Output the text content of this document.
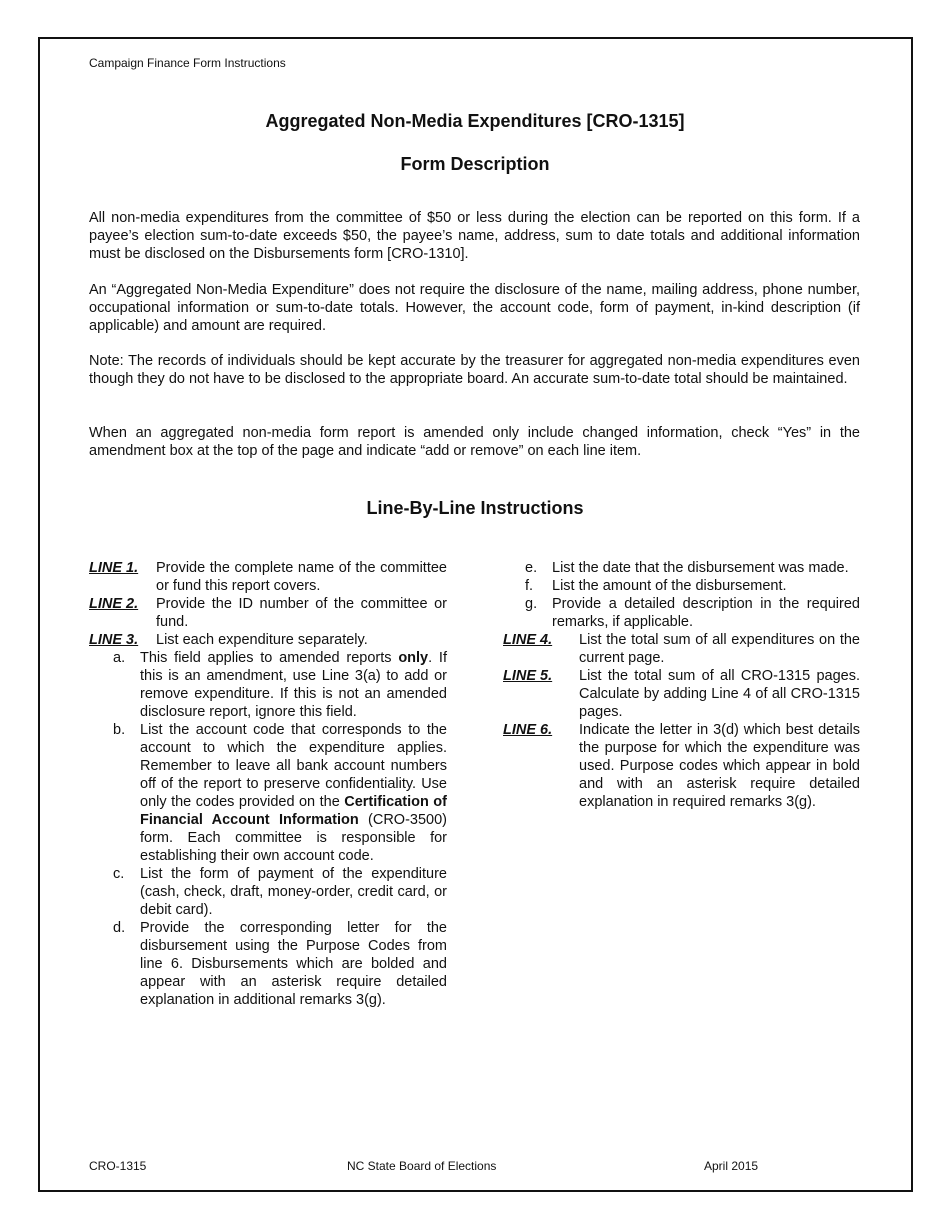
Campaign Finance Form Instructions
Aggregated Non-Media Expenditures [CRO-1315]
Form Description
All non-media expenditures from the committee of $50 or less during the election can be reported on this form. If a payee’s election sum-to-date exceeds $50, the payee’s name, address, sum to date totals and additional information must be disclosed on the Disbursements form [CRO-1310].
An “Aggregated Non-Media Expenditure” does not require the disclosure of the name, mailing address, phone number, occupational information or sum-to-date totals. However, the account code, form of payment, in-kind description (if applicable) and amount are required.
Note: The records of individuals should be kept accurate by the treasurer for aggregated non-media expenditures even though they do not have to be disclosed to the appropriate board. An accurate sum-to-date total should be maintained.
When an aggregated non-media form report is amended only include changed information, check “Yes” in the amendment box at the top of the page and indicate “add or remove” on each line item.
Line-By-Line Instructions
LINE 1.	Provide the complete name of the committee or fund this report covers.
LINE 2.	Provide the ID number of the committee or fund.
LINE 3.	List each expenditure separately.
a.	This field applies to amended reports only. If this is an amendment, use Line 3(a) to add or remove expenditure. If this is not an amended disclosure report, ignore this field.
b.	List the account code that corresponds to the account to which the expenditure applies. Remember to leave all bank account numbers off of the report to preserve confidentiality. Use only the codes provided on the Certification of Financial Account Information (CRO-3500) form. Each committee is responsible for establishing their own account code.
c.	List the form of payment of the expenditure (cash, check, draft, money-order, credit card, or debit card).
d.	Provide the corresponding letter for the disbursement using the Purpose Codes from line 6. Disbursements which are bolded and appear with an asterisk require detailed explanation in additional remarks 3(g).
e.	List the date that the disbursement was made.
f.	List the amount of the disbursement.
g.	Provide a detailed description in the required remarks, if applicable.
LINE 4.	List the total sum of all expenditures on the current page.
LINE 5.	List the total sum of all CRO-1315 pages. Calculate by adding Line 4 of all CRO-1315 pages.
LINE 6.	Indicate the letter in 3(d) which best details the purpose for which the expenditure was used. Purpose codes which appear in bold and with an asterisk require detailed explanation in required remarks 3(g).
CRO-1315	NC State Board of Elections	April 2015
